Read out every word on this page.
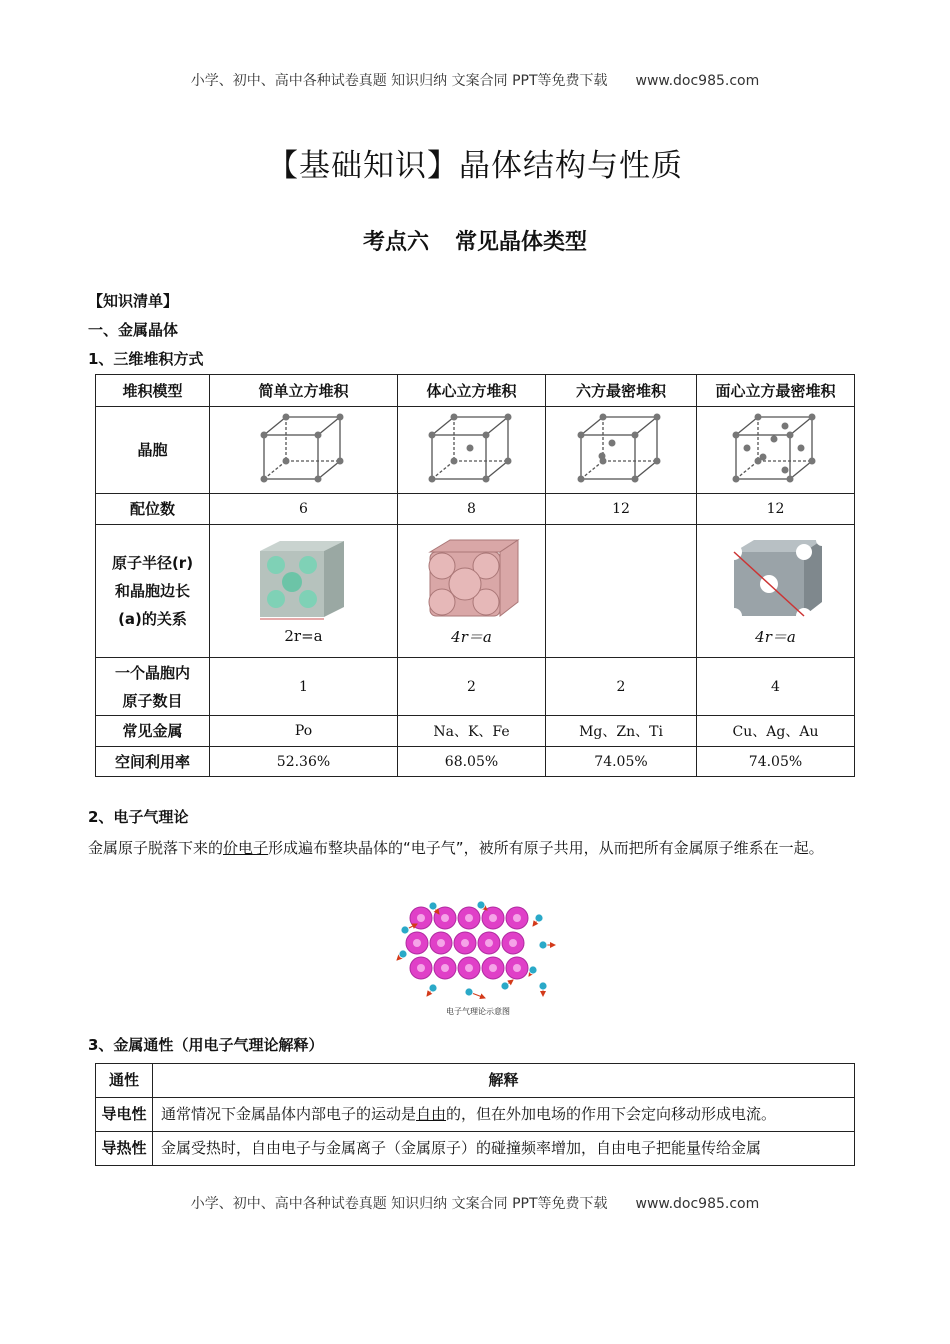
小学、初中、高中各种试卷真题 知识归纳 文案合同 PPT等免费下载 www.doc985.com
【基础知识】晶体结构与性质
考点六 常见晶体类型
【知识清单】
一、金属晶体
1、三维堆积方式
堆积模型	简单立方堆积	体心立方堆积	六方最密堆积	面心立方最密堆积
晶胞				
配位数	6	8	12	12

原子半径(r)
和晶胞边长
(a)的关系	2r=a	4r＝a		4r＝a

一个晶胞内
原子数目	1	2	2	4
常见金属	Po	Na、K、Fe	Mg、Zn、Ti	Cu、Ag、Au
空间利用率	52.36%	68.05%	74.05%	74.05%
2、电子气理论
金属原子脱落下来的价电子形成遍布整块晶体的“电子气”，被所有原子共用，从而把所有金属原子维系在一起。
电子气理论示意图
3、金属通性（用电子气理论解释）
通性	解释
导电性	通常情况下金属晶体内部电子的运动是自由的，但在外加电场的作用下会定向移动形成电流。
导热性	金属受热时，自由电子与金属离子（金属原子）的碰撞频率增加，自由电子把能量传给金属
小学、初中、高中各种试卷真题 知识归纳 文案合同 PPT等免费下载 www.doc985.com
